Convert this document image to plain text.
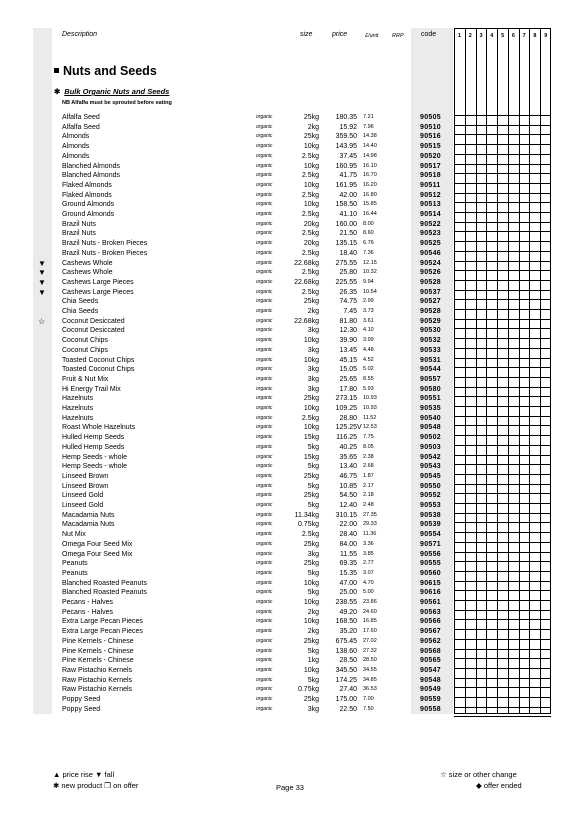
Description	size	price	£/unit RRP code	1	2	3	4	5	6	7	8	9
Nuts and Seeds
✱ Bulk Organic Nuts and Seeds
NB Alfalfa must be sprouted before eating
Alfalfa Seed	organic	25kg 180.35 7.21	90505
Alfalfa Seed	organic	2kg	15.92 7.96	90510
Almonds	organic	25kg 359.50 14.38	90516
Almonds	organic	10kg 143.95 14.40	90515
Almonds	organic	2.5kg	37.45 14.98	90520
Blanched Almonds	organic	10kg 160.95 16.10	90517
Blanched Almonds	organic	2.5kg	41.75 16.70	90518
Flaked Almonds	organic	10kg 161.95 16.20	90511
Flaked Almonds	organic	2.5kg	42.00 16.80	90512
Ground Almonds	organic	10kg 158.50 15.85	90513
Ground Almonds	organic	2.5kg	41.10 16.44	90514
Brazil Nuts	organic	20kg 160.00 8.00	90522
Brazil Nuts	organic	2.5kg	21.50 8.60	90523
Brazil Nuts - Broken Pieces	organic	20kg 135.15 6.76	90525
Brazil Nuts - Broken Pieces	organic	2.5kg	18.40 7.36	90546
▼ Cashews Whole	organic	22.68kg 275.55 12.15	90524
▼ Cashews Whole	organic	2.5kg	25.80 10.32	90526
▼ Cashews Large Pieces	organic	22.68kg 225.55 9.94	90528
▼ Cashews Large Pieces	organic	2.5kg	26.35 10.54	90537
Chia Seeds	organic	25kg	74.75 2.99	90527
Chia Seeds	organic	2kg	7.45 3.73	90528
☆ Coconut Desiccated	organic	22.68kg	81.80 3.61	90529
Coconut Desiccated	organic	3kg	12.30 4.10	90530
Coconut Chips	organic	10kg	39.90 3.99	90532
Coconut Chips	organic	3kg	13.45 4.48	90533
Toasted Coconut Chips	organic	10kg	45.15 4.52	90531
Toasted Coconut Chips	organic	3kg	15.05 5.02	90544
Fruit & Nut Mix	organic	3kg	25.65 8.55	90557
Hi Energy Trail Mix	organic	3kg	17.80 5.93	90580
Hazelnuts	organic	25kg 273.15 10.93	90551
Hazelnuts	organic	10kg 109.25 10.93	90535
Hazelnuts	organic	2.5kg	28.80 11.52	90540
Roast Whole Hazelnuts	organic	10kg 125.25 V 12.53	90548
Hulled Hemp Seeds	organic	15kg 116.25 7.75	90502
Hulled Hemp Seeds	organic	5kg	40.25 8.05	90503
Hemp Seeds - whole	organic	15kg	35.65 2.38	90542
Hemp Seeds - whole	organic	5kg	13.40 2.68	90543
Linseed Brown	organic	25kg	46.75 1.87	90545
Linseed Brown	organic	5kg	10.85 2.17	90550
Linseed Gold	organic	25kg	54.50 2.18	90552
Linseed Gold	organic	5kg	12.40 2.48	90553
Macadamia Nuts	organic	11.34kg 310.15 27.35	90538
Macadamia Nuts	organic	0.75kg	22.00 29.33	90539
Nut Mix	organic	2.5kg	28.40 11.36	90554
Omega Four Seed Mix	organic	25kg	84.00 3.36	90571
Omega Four Seed Mix	organic	3kg	11.55 3.85	90556
Peanuts	organic	25kg	69.35 2.77	90555
Peanuts	organic	5kg	15.35 3.07	90560
Blanched Roasted Peanuts	organic	10kg	47.00 4.70	90615
Blanched Roasted Peanuts	organic	5kg	25.00 5.00	90616
Pecans - Halves	organic	10kg 238.55 23.86	90561
Pecans - Halves	organic	2kg	49.20 24.60	90563
Extra Large Pecan Pieces	organic	10kg 168.50 16.85	90566
Extra Large Pecan Pieces	organic	2kg	35.20 17.60	90567
Pine Kernels - Chinese	organic	25kg 675.45 27.02	90562
Pine Kernels - Chinese	organic	5kg 138.60 27.32	90568
Pine Kernels - Chinese	organic	1kg	28.50 28.50	90565
Raw Pistachio Kernels	organic	10kg 345.50 34.55	90547
Raw Pistachio Kernels	organic	5kg 174.25 34.85	90548
Raw Pistachio Kernels	organic	0.75kg	27.40 36.53	90549
Poppy Seed	organic	25kg 175.00 7.00	90559
Poppy Seed	organic	3kg	22.50 7.50	90558
▲ price rise ▼ fall
✱ new product ❒ on offer	Page 33
☆ size or other change
◆ offer ended
